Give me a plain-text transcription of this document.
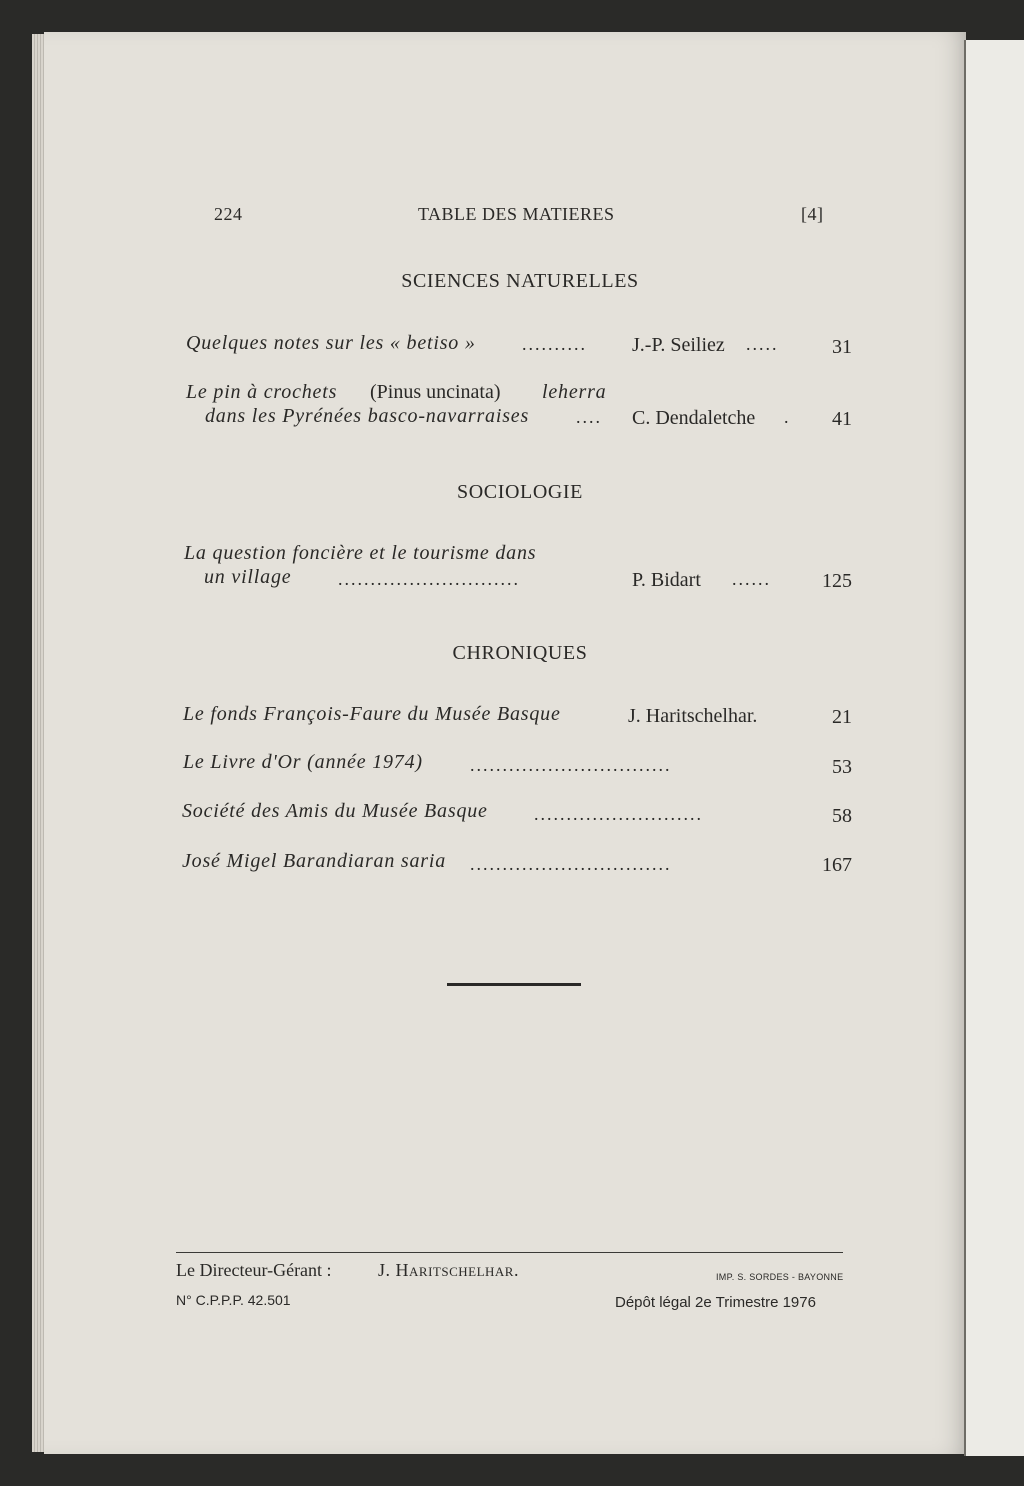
224	TABLE DES MATIERES	[4]
SCIENCES NATURELLES
Quelques notes sur les « betiso »	.......... J.-P. Seiliez .....	31
Le pin à crochets (Pinus uncinata) leherra
dans les Pyrénées basco-navarraises	.... C. Dendaletche .	41
SOCIOLOGIE
La question foncière et le tourisme dans
un village	............................	P. Bidart ......	125
CHRONIQUES
Le fonds François-Faure du Musée Basque	J. Haritschelhar.	21
Le Livre d'Or (année 1974)	...............................	53
Société des Amis du Musée Basque	..........................	58
José Migel Barandiaran saria ...............................	167
Le Directeur-Gérant :	J. Haritschelhar.	IMP. S. SORDES - BAYONNE
N° C.P.P.P. 42.501	Dépôt légal 2e Trimestre 1976
